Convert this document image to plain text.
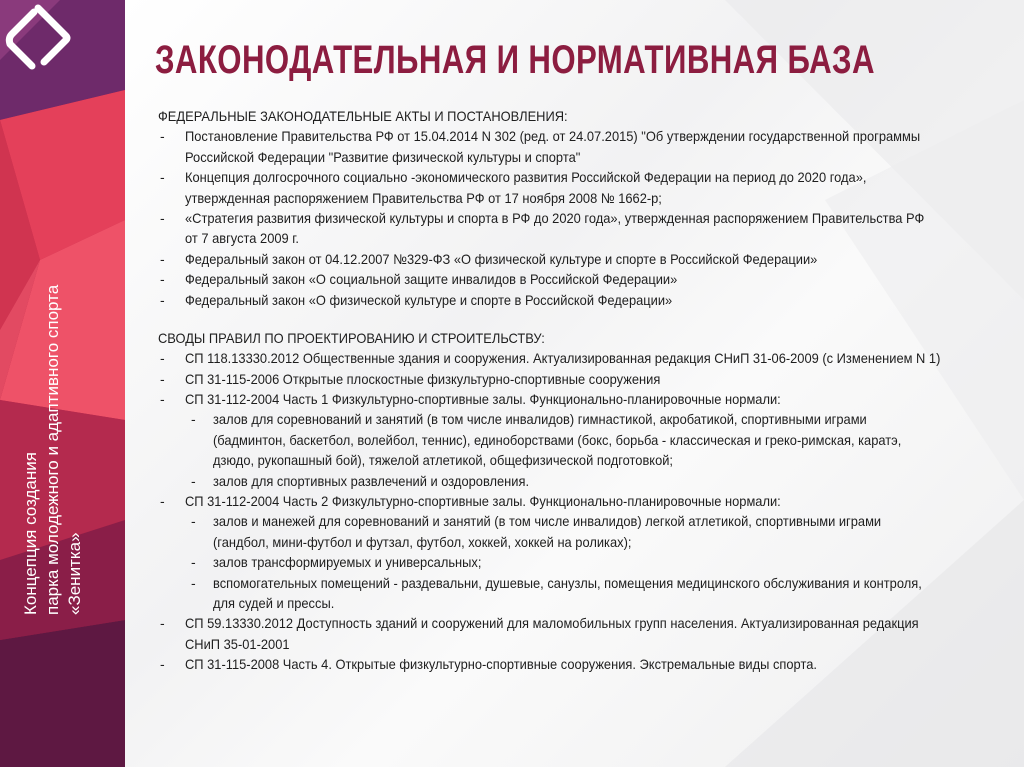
Концепция создания парка молодежного и адаптивного спорта «Зенитка»
ЗАКОНОДАТЕЛЬНАЯ И НОРМАТИВНАЯ БАЗА
ФЕДЕРАЛЬНЫЕ ЗАКОНОДАТЕЛЬНЫЕ АКТЫ И ПОСТАНОВЛЕНИЯ:
- Постановление Правительства РФ от 15.04.2014 N 302 (ред. от 24.07.2015) "Об утверждении государственной программы
Российской Федерации "Развитие физической культуры и спорта"
- Концепция долгосрочного социально -экономического развития Российской Федерации на период до 2020 года»,
утвержденная распоряжением Правительства РФ от 17 ноября 2008 № 1662-р;
- «Стратегия развития физической культуры и спорта в РФ до 2020 года», утвержденная распоряжением Правительства РФ
от 7 августа 2009 г.
- Федеральный закон от 04.12.2007 №329-ФЗ «О физической культуре и спорте в Российской Федерации»
- Федеральный закон «О социальной защите инвалидов в Российской Федерации»
- Федеральный закон «О физической культуре и спорте в Российской Федерации»
СВОДЫ ПРАВИЛ ПО ПРОЕКТИРОВАНИЮ И СТРОИТЕЛЬСТВУ:
- СП 118.13330.2012 Общественные здания и сооружения. Актуализированная редакция СНиП 31-06-2009 (с Изменением N 1)
- СП 31-115-2006 Открытые плоскостные физкультурно-спортивные сооружения
- СП 31-112-2004 Часть 1 Физкультурно-спортивные залы. Функционально-планировочные нормали:
- залов для соревнований и занятий (в том числе инвалидов) гимнастикой, акробатикой, спортивными играми
(бадминтон, баскетбол, волейбол, теннис), единоборствами (бокс, борьба - классическая и греко-римская, каратэ,
дзюдо, рукопашный бой), тяжелой атлетикой, общефизической подготовкой;
- залов для спортивных развлечений и оздоровления.
- СП 31-112-2004 Часть 2 Физкультурно-спортивные залы. Функционально-планировочные нормали:
- залов и манежей для соревнований и занятий (в том числе инвалидов) легкой атлетикой, спортивными играми
(гандбол, мини-футбол и футзал, футбол, хоккей, хоккей на роликах);
- залов трансформируемых и универсальных;
- вспомогательных помещений - раздевальни, душевые, санузлы, помещения медицинского обслуживания и контроля,
для судей и прессы.
- СП 59.13330.2012 Доступность зданий и сооружений для маломобильных групп населения. Актуализированная редакция
СНиП 35-01-2001
- СП 31-115-2008 Часть 4. Открытые физкультурно-спортивные сооружения. Экстремальные виды спорта.
